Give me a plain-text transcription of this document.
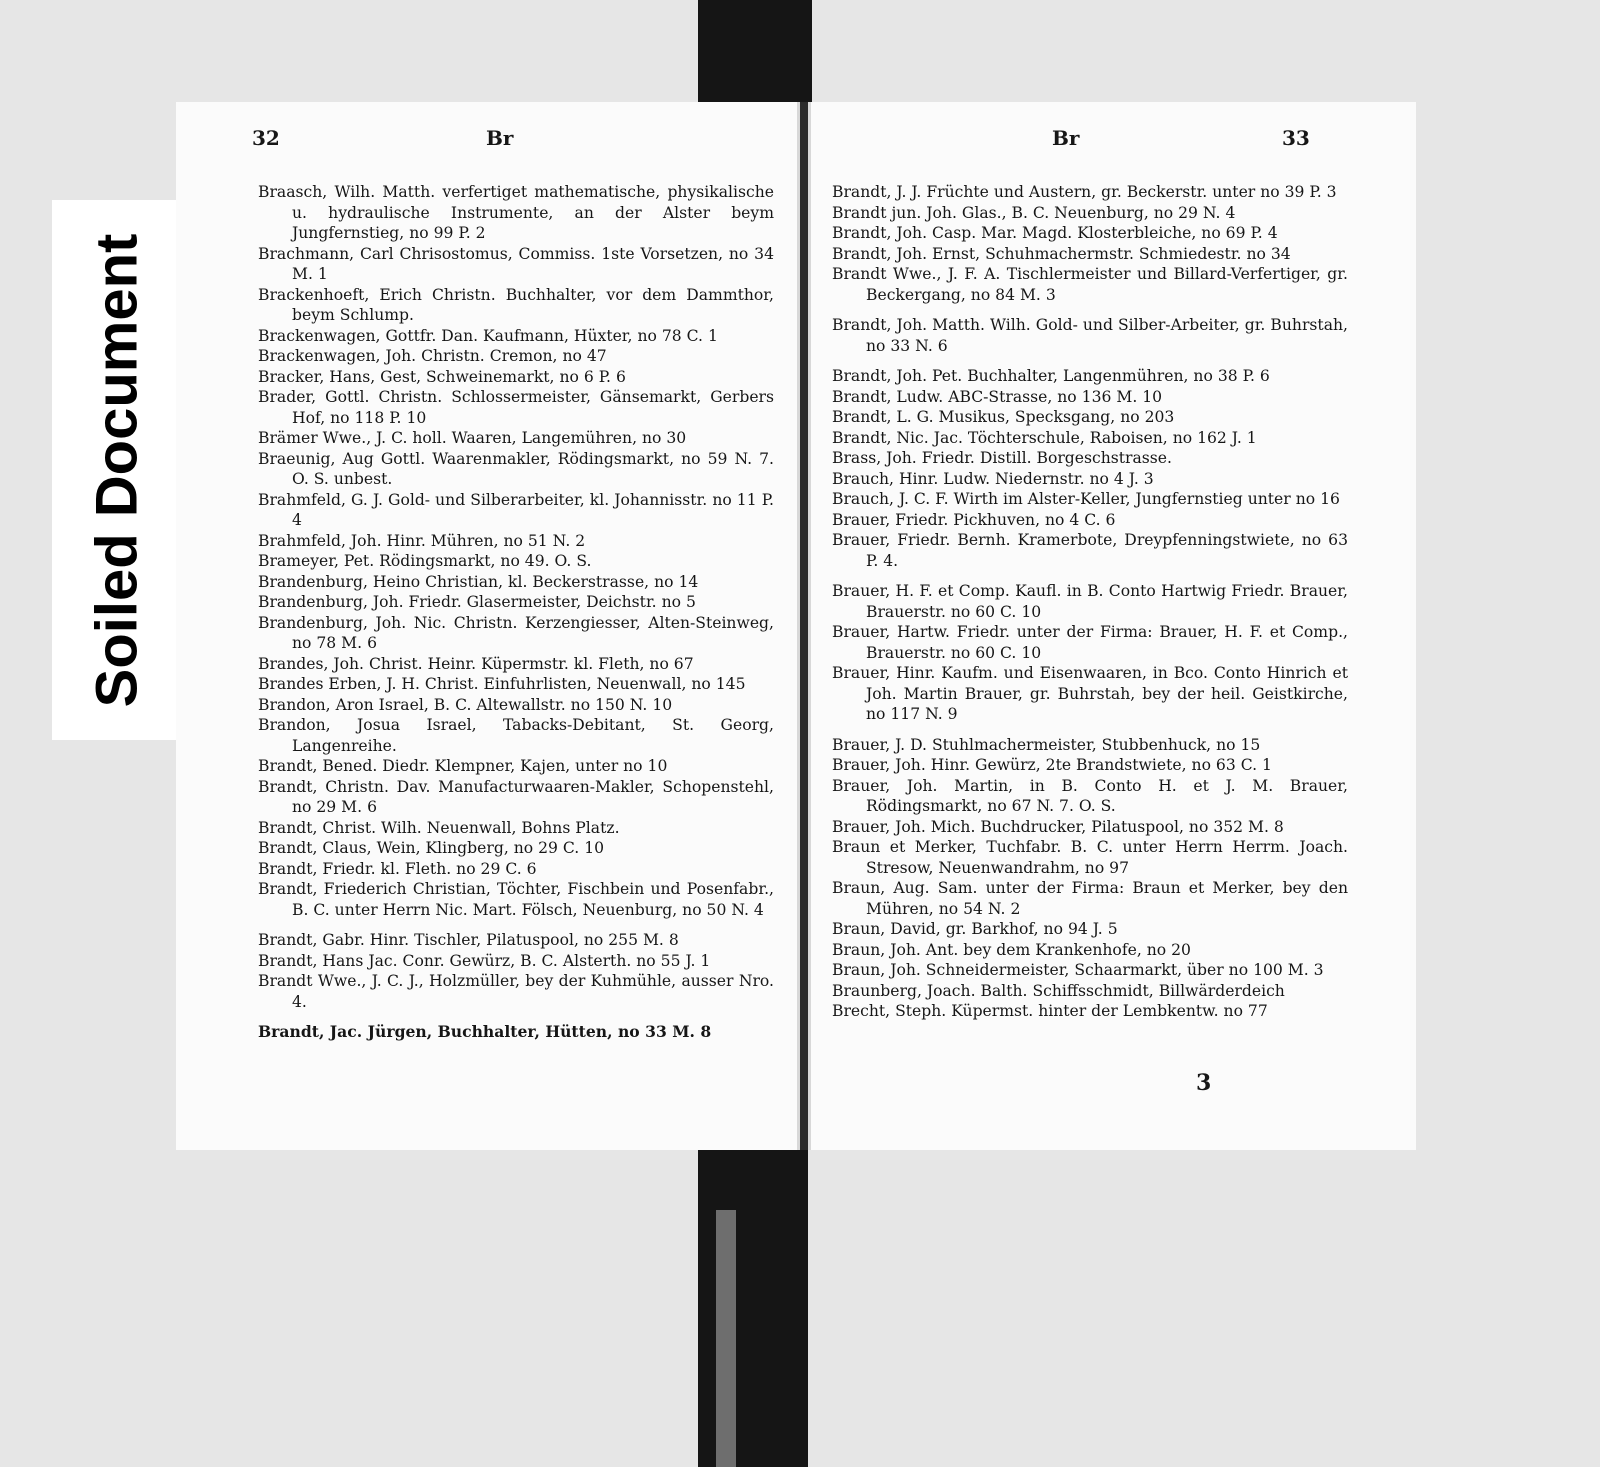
Soiled Document
32	Br
Braasch, Wilh. Matth. verfertiget mathematische, physikalische u. hydraulische Instrumente, an der Alster beym Jungfernstieg, no 99 P. 2
Brachmann, Carl Chrisostomus, Commiss. 1ste Vorsetzen, no 34 M. 1
Brackenhoeft, Erich Christn. Buchhalter, vor dem Dammthor, beym Schlump.
Brackenwagen, Gottfr. Dan. Kaufmann, Hüxter, no 78 C. 1
Brackenwagen, Joh. Christn. Cremon, no 47
Bracker, Hans, Gest, Schweinemarkt, no 6 P. 6
Brader, Gottl. Christn. Schlossermeister, Gänsemarkt, Gerbers Hof, no 118 P. 10
Brämer Wwe., J. C. holl. Waaren, Langemühren, no 30
Braeunig, Aug Gottl. Waarenmakler, Rödingsmarkt, no 59 N. 7. O. S. unbest.
Brahmfeld, G. J. Gold- und Silberarbeiter, kl. Johannisstr. no 11 P. 4
Brahmfeld, Joh. Hinr. Mühren, no 51 N. 2
Brameyer, Pet. Rödingsmarkt, no 49. O. S.
Brandenburg, Heino Christian, kl. Beckerstrasse, no 14
Brandenburg, Joh. Friedr. Glasermeister, Deichstr. no 5
Brandenburg, Joh. Nic. Christn. Kerzengiesser, Alten-Steinweg, no 78 M. 6
Brandes, Joh. Christ. Heinr. Küpermstr. kl. Fleth, no 67
Brandes Erben, J. H. Christ. Einfuhrlisten, Neuenwall, no 145
Brandon, Aron Israel, B. C. Altewallstr. no 150 N. 10
Brandon, Josua Israel, Tabacks-Debitant, St. Georg, Langenreihe.
Brandt, Bened. Diedr. Klempner, Kajen, unter no 10
Brandt, Christn. Dav. Manufacturwaaren-Makler, Schopenstehl, no 29 M. 6
Brandt, Christ. Wilh. Neuenwall, Bohns Platz.
Brandt, Claus, Wein, Klingberg, no 29 C. 10
Brandt, Friedr. kl. Fleth. no 29 C. 6
Brandt, Friederich Christian, Töchter, Fischbein und Posenfabr., B. C. unter Herrn Nic. Mart. Fölsch, Neuenburg, no 50 N. 4
Brandt, Gabr. Hinr. Tischler, Pilatuspool, no 255 M. 8
Brandt, Hans Jac. Conr. Gewürz, B. C. Alsterth. no 55 J. 1
Brandt Wwe., J. C. J., Holzmüller, bey der Kuhmühle, ausser Nro. 4.
Brandt, Jac. Jürgen, Buchhalter, Hütten, no 33 M. 8
Br	33
Brandt, J. J. Früchte und Austern, gr. Beckerstr. unter no 39 P. 3
Brandt jun. Joh. Glas., B. C. Neuenburg, no 29 N. 4
Brandt, Joh. Casp. Mar. Magd. Klosterbleiche, no 69 P. 4
Brandt, Joh. Ernst, Schuhmachermstr. Schmiedestr. no 34
Brandt Wwe., J. F. A. Tischlermeister und Billard-Verfertiger, gr. Beckergang, no 84 M. 3
Brandt, Joh. Matth. Wilh. Gold- und Silber-Arbeiter, gr. Buhrstah, no 33 N. 6
Brandt, Joh. Pet. Buchhalter, Langenmühren, no 38 P. 6
Brandt, Ludw. ABC-Strasse, no 136 M. 10
Brandt, L. G. Musikus, Specksgang, no 203
Brandt, Nic. Jac. Töchterschule, Raboisen, no 162 J. 1
Brass, Joh. Friedr. Distill. Borgeschstrasse.
Brauch, Hinr. Ludw. Niedernstr. no 4 J. 3
Brauch, J. C. F. Wirth im Alster-Keller, Jungfernstieg unter no 16
Brauer, Friedr. Pickhuven, no 4 C. 6
Brauer, Friedr. Bernh. Kramerbote, Dreypfenningstwiete, no 63 P. 4.
Brauer, H. F. et Comp. Kaufl. in B. Conto Hartwig Friedr. Brauer, Brauerstr. no 60 C. 10
Brauer, Hartw. Friedr. unter der Firma: Brauer, H. F. et Comp., Brauerstr. no 60 C. 10
Brauer, Hinr. Kaufm. und Eisenwaaren, in Bco. Conto Hinrich et Joh. Martin Brauer, gr. Buhrstah, bey der heil. Geistkirche, no 117 N. 9
Brauer, J. D. Stuhlmachermeister, Stubbenhuck, no 15
Brauer, Joh. Hinr. Gewürz, 2te Brandstwiete, no 63 C. 1
Brauer, Joh. Martin, in B. Conto H. et J. M. Brauer, Rödingsmarkt, no 67 N. 7. O. S.
Brauer, Joh. Mich. Buchdrucker, Pilatuspool, no 352 M. 8
Braun et Merker, Tuchfabr. B. C. unter Herrn Herrm. Joach. Stresow, Neuenwandrahm, no 97
Braun, Aug. Sam. unter der Firma: Braun et Merker, bey den Mühren, no 54 N. 2
Braun, David, gr. Barkhof, no 94 J. 5
Braun, Joh. Ant. bey dem Krankenhofe, no 20
Braun, Joh. Schneidermeister, Schaarmarkt, über no 100 M. 3
Braunberg, Joach. Balth. Schiffsschmidt, Billwärderdeich
Brecht, Steph. Küpermst. hinter der Lembkentw. no 77
3
